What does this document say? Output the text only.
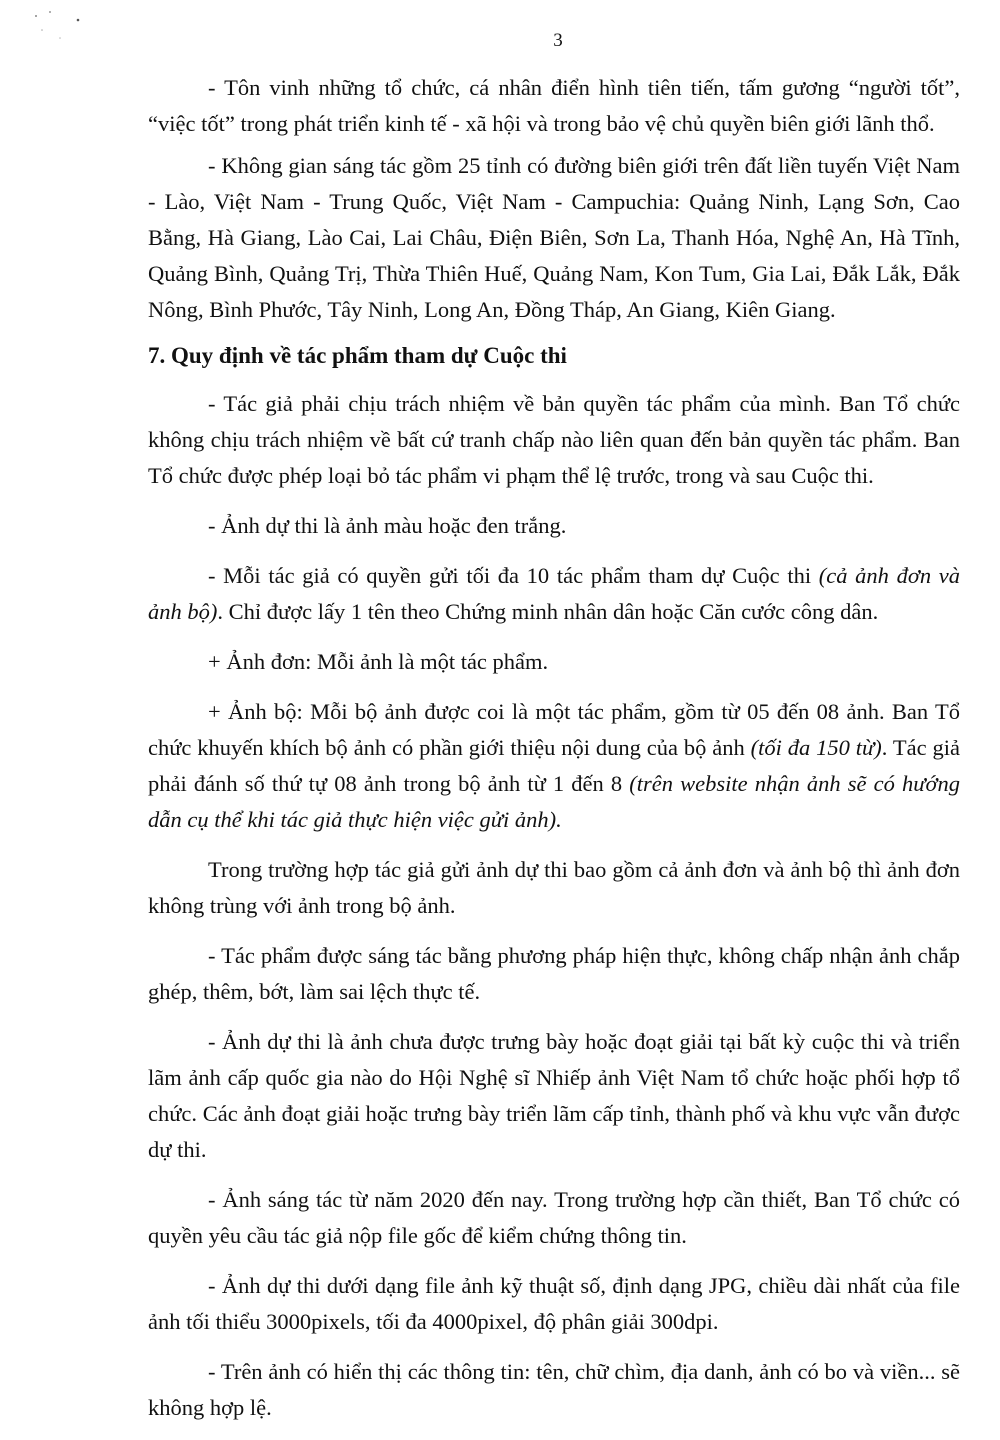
3

- Tôn vinh những tổ chức, cá nhân điển hình tiên tiến, tấm gương “người tốt”, “việc tốt” trong phát triển kinh tế - xã hội và trong bảo vệ chủ quyền biên giới lãnh thổ.

- Không gian sáng tác gồm 25 tỉnh có đường biên giới trên đất liền tuyến Việt Nam - Lào, Việt Nam - Trung Quốc, Việt Nam - Campuchia: Quảng Ninh, Lạng Sơn, Cao Bằng, Hà Giang, Lào Cai, Lai Châu, Điện Biên, Sơn La, Thanh Hóa, Nghệ An, Hà Tĩnh, Quảng Bình, Quảng Trị, Thừa Thiên Huế, Quảng Nam, Kon Tum, Gia Lai, Đắk Lắk, Đắk Nông, Bình Phước, Tây Ninh, Long An, Đồng Tháp, An Giang, Kiên Giang.

7. Quy định về tác phẩm tham dự Cuộc thi

- Tác giả phải chịu trách nhiệm về bản quyền tác phẩm của mình. Ban Tổ chức không chịu trách nhiệm về bất cứ tranh chấp nào liên quan đến bản quyền tác phẩm. Ban Tổ chức được phép loại bỏ tác phẩm vi phạm thể lệ trước, trong và sau Cuộc thi.

- Ảnh dự thi là ảnh màu hoặc đen trắng.

- Mỗi tác giả có quyền gửi tối đa 10 tác phẩm tham dự Cuộc thi (cả ảnh đơn và ảnh bộ). Chỉ được lấy 1 tên theo Chứng minh nhân dân hoặc Căn cước công dân.

+ Ảnh đơn: Mỗi ảnh là một tác phẩm.

+ Ảnh bộ: Mỗi bộ ảnh được coi là một tác phẩm, gồm từ 05 đến 08 ảnh. Ban Tổ chức khuyến khích bộ ảnh có phần giới thiệu nội dung của bộ ảnh (tối đa 150 từ). Tác giả phải đánh số thứ tự 08 ảnh trong bộ ảnh từ 1 đến 8 (trên website nhận ảnh sẽ có hướng dẫn cụ thể khi tác giả thực hiện việc gửi ảnh).

Trong trường hợp tác giả gửi ảnh dự thi bao gồm cả ảnh đơn và ảnh bộ thì ảnh đơn không trùng với ảnh trong bộ ảnh.

- Tác phẩm được sáng tác bằng phương pháp hiện thực, không chấp nhận ảnh chắp ghép, thêm, bớt, làm sai lệch thực tế.

- Ảnh dự thi là ảnh chưa được trưng bày hoặc đoạt giải tại bất kỳ cuộc thi và triển lãm ảnh cấp quốc gia nào do Hội Nghệ sĩ Nhiếp ảnh Việt Nam tổ chức hoặc phối hợp tổ chức. Các ảnh đoạt giải hoặc trưng bày triển lãm cấp tỉnh, thành phố và khu vực vẫn được dự thi.

- Ảnh sáng tác từ năm 2020 đến nay. Trong trường hợp cần thiết, Ban Tổ chức có quyền yêu cầu tác giả nộp file gốc để kiểm chứng thông tin.

- Ảnh dự thi dưới dạng file ảnh kỹ thuật số, định dạng JPG, chiều dài nhất của file ảnh tối thiểu 3000pixels, tối đa 4000pixel, độ phân giải 300dpi.

- Trên ảnh có hiển thị các thông tin: tên, chữ chìm, địa danh, ảnh có bo và viền... sẽ không hợp lệ.
